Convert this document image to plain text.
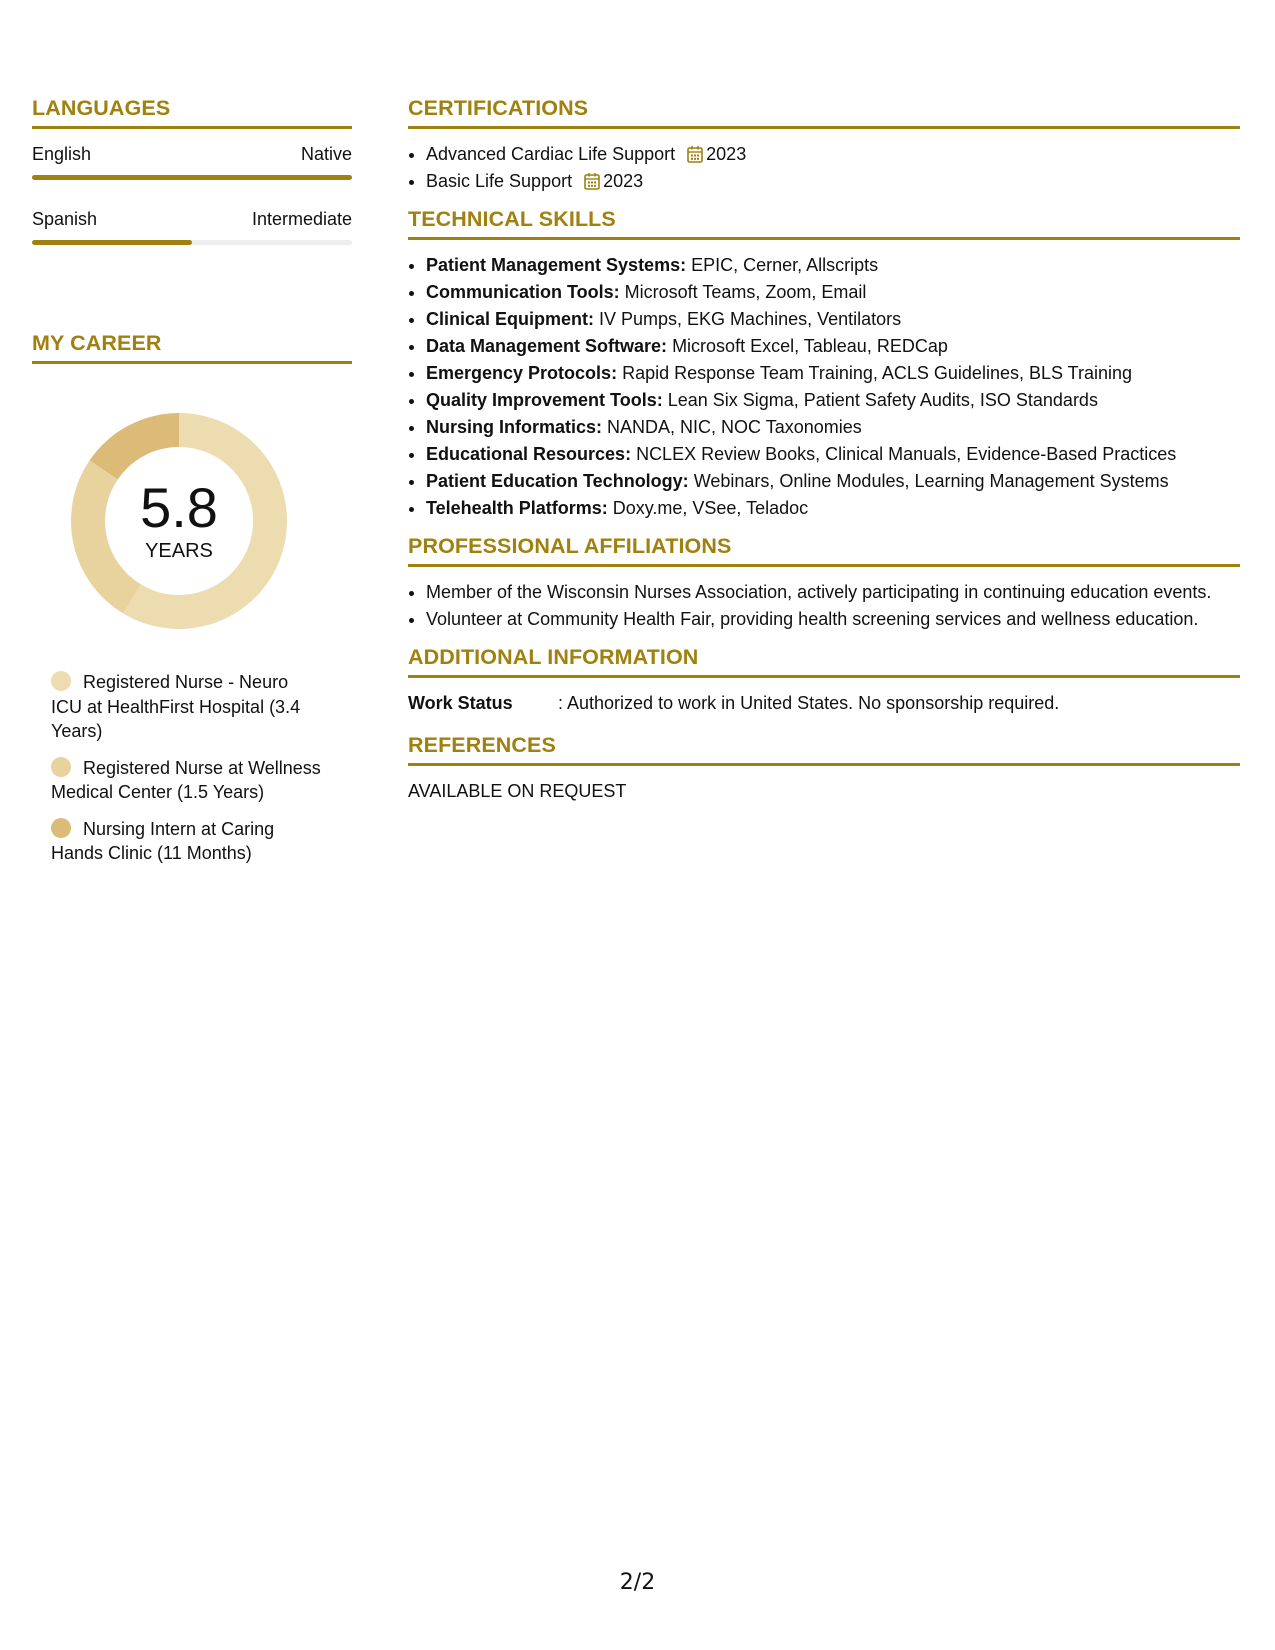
LANGUAGES
English	Native
Spanish	Intermediate
MY CAREER
5.8
YEARS
Registered Nurse - Neuro ICU at HealthFirst Hospital (3.4 Years)
Registered Nurse at Wellness Medical Center (1.5 Years)
Nursing Intern at Caring Hands Clinic (11 Months)
CERTIFICATIONS
• Advanced Cardiac Life Support 2023
• Basic Life Support 2023
TECHNICAL SKILLS
• Patient Management Systems: EPIC, Cerner, Allscripts
• Communication Tools: Microsoft Teams, Zoom, Email
• Clinical Equipment: IV Pumps, EKG Machines, Ventilators
• Data Management Software: Microsoft Excel, Tableau, REDCap
• Emergency Protocols: Rapid Response Team Training, ACLS Guidelines, BLS Training
• Quality Improvement Tools: Lean Six Sigma, Patient Safety Audits, ISO Standards
• Nursing Informatics: NANDA, NIC, NOC Taxonomies
• Educational Resources: NCLEX Review Books, Clinical Manuals, Evidence-Based Practices
• Patient Education Technology: Webinars, Online Modules, Learning Management Systems
• Telehealth Platforms: Doxy.me, VSee, Teladoc
PROFESSIONAL AFFILIATIONS
• Member of the Wisconsin Nurses Association, actively participating in continuing education events.
• Volunteer at Community Health Fair, providing health screening services and wellness education.
ADDITIONAL INFORMATION
Work Status	: Authorized to work in United States. No sponsorship required.
REFERENCES
AVAILABLE ON REQUEST
2/2
